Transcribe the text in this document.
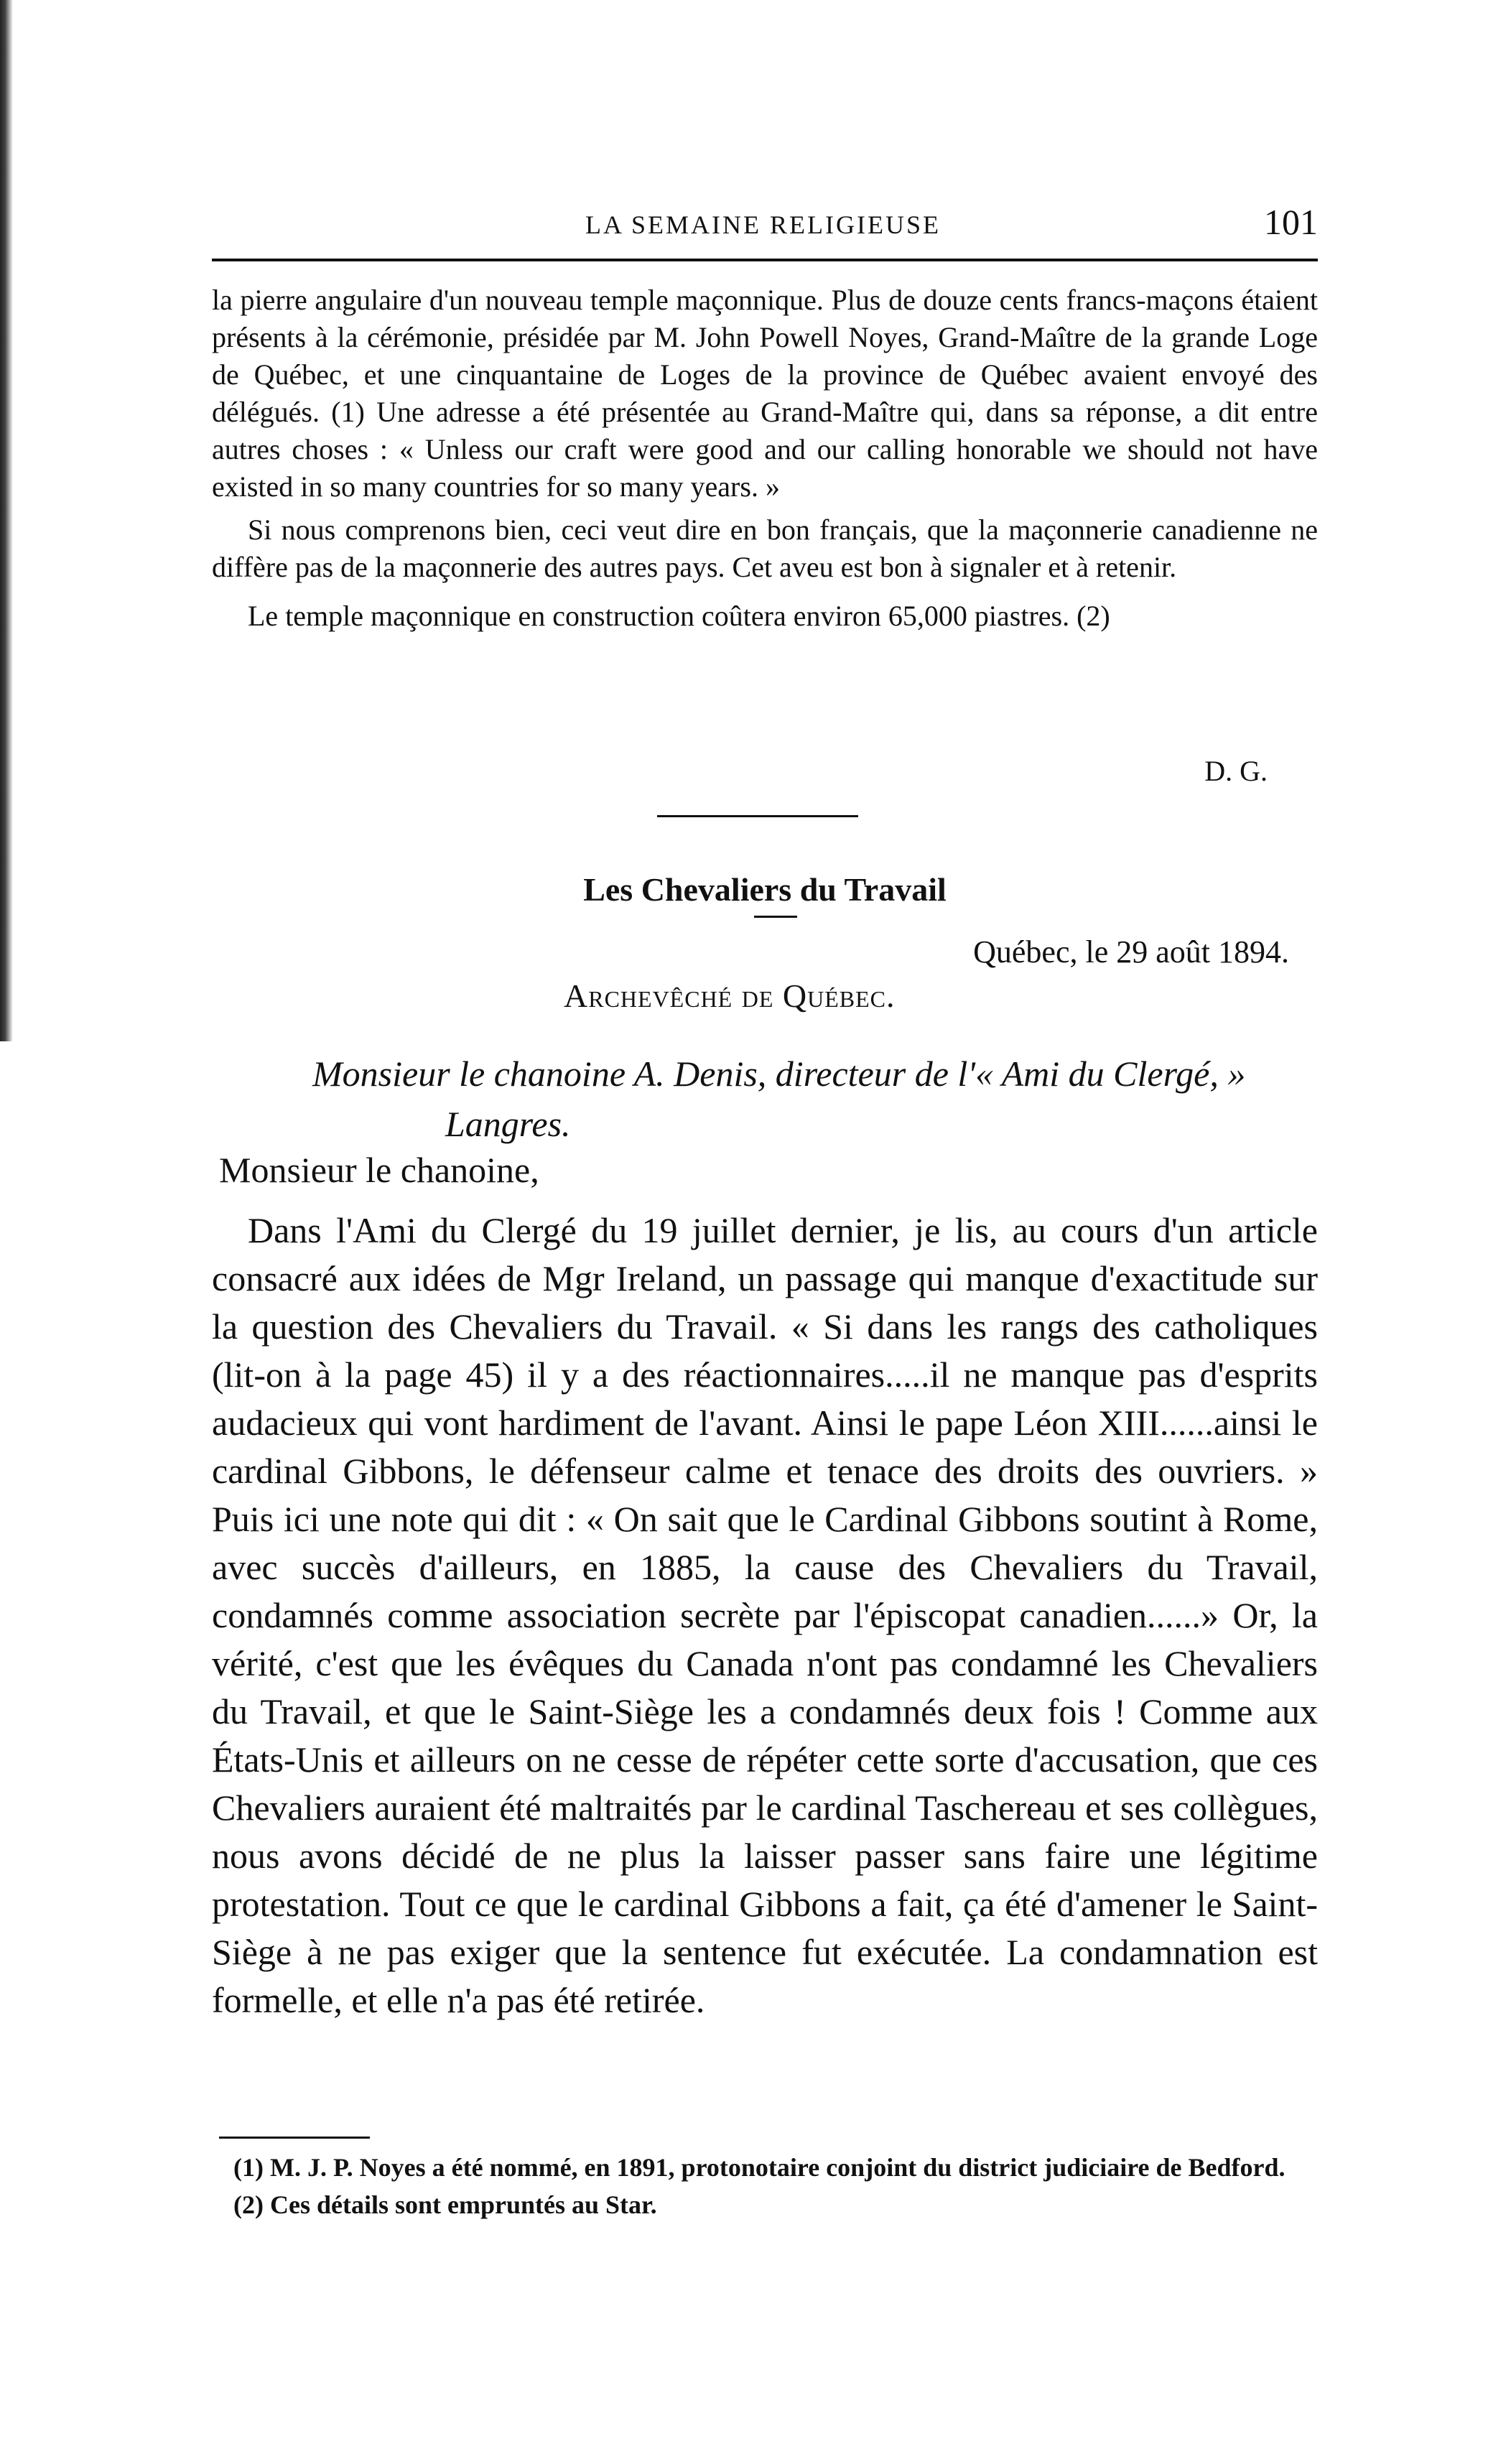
LA SEMAINE RELIGIEUSE	101

la pierre angulaire d'un nouveau temple maçonnique. Plus de douze cents francs-maçons étaient présents à la cérémonie, présidée par M. John Powell Noyes, Grand-Maître de la grande Loge de Québec, et une cinquantaine de Loges de la province de Québec avaient envoyé des délégués. (1) Une adresse a été présentée au Grand-Maître qui, dans sa réponse, a dit entre autres choses : « Unless our craft were good and our calling honorable we should not have existed in so many countries for so many years. »

Si nous comprenons bien, ceci veut dire en bon français, que la maçonnerie canadienne ne diffère pas de la maçonnerie des autres pays. Cet aveu est bon à signaler et à retenir.

Le temple maçonnique en construction coûtera environ 65,000 piastres. (2)

D. G.
Les Chevaliers du Travail
Québec, le 29 août 1894.
Archevêché de Québec.
Monsieur le chanoine A. Denis, directeur de l'« Ami du Clergé, »
Langres.
Monsieur le chanoine,

Dans l'Ami du Clergé du 19 juillet dernier, je lis, au cours d'un article consacré aux idées de Mgr Ireland, un passage qui manque d'exactitude sur la question des Chevaliers du Travail. « Si dans les rangs des catholiques (lit-on à la page 45) il y a des réactionnaires.....il ne manque pas d'esprits audacieux qui vont hardiment de l'avant. Ainsi le pape Léon XIII......ainsi le cardinal Gibbons, le défenseur calme et tenace des droits des ouvriers. » Puis ici une note qui dit : « On sait que le Cardinal Gibbons soutint à Rome, avec succès d'ailleurs, en 1885, la cause des Chevaliers du Travail, condamnés comme association secrète par l'épiscopat canadien......» Or, la vérité, c'est que les évêques du Canada n'ont pas condamné les Chevaliers du Travail, et que le Saint-Siège les a condamnés deux fois ! Comme aux États-Unis et ailleurs on ne cesse de répéter cette sorte d'accusation, que ces Chevaliers auraient été maltraités par le cardinal Taschereau et ses collègues, nous avons décidé de ne plus la laisser passer sans faire une légitime protestation. Tout ce que le cardinal Gibbons a fait, ça été d'amener le Saint-Siège à ne pas exiger que la sentence fut exécutée. La condamnation est formelle, et elle n'a pas été retirée.

(1) M. J. P. Noyes a été nommé, en 1891, protonotaire conjoint du district judiciaire de Bedford.

(2) Ces détails sont empruntés au Star.
